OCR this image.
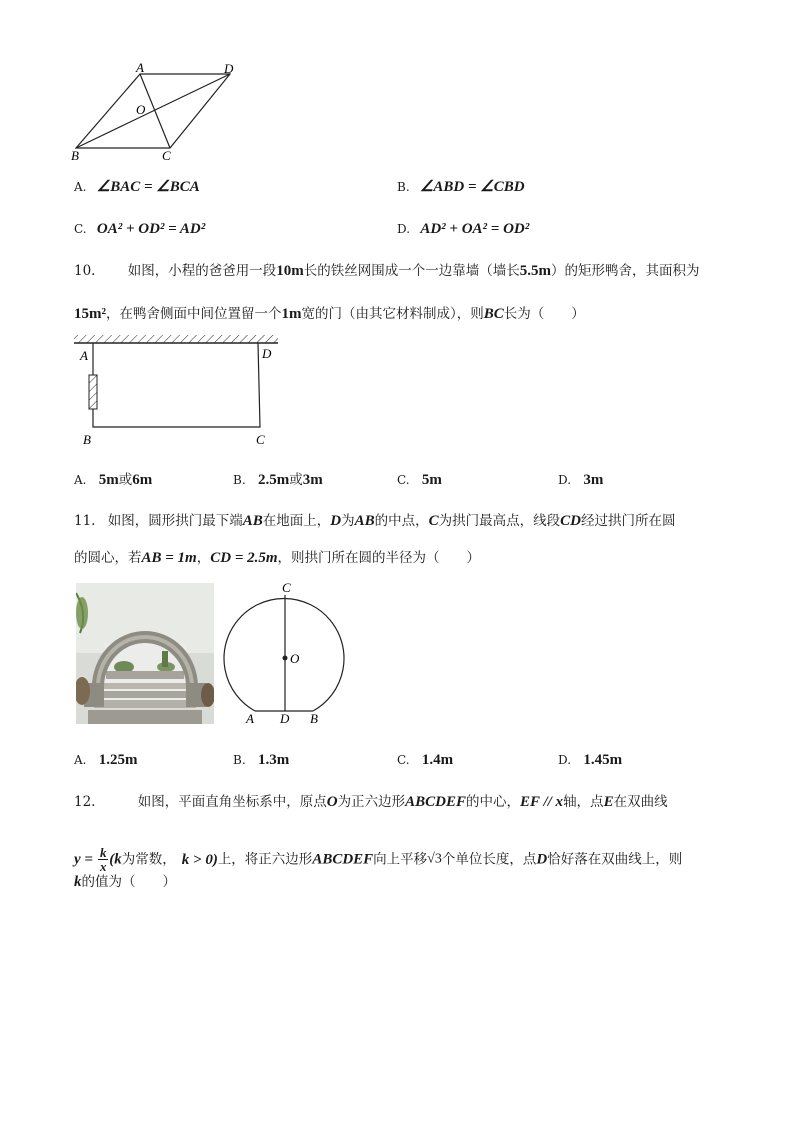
A	D
O
B	C
A. ∠BAC = ∠BCA	B. ∠ABD = ∠CBD
C. OA² + OD² = AD²	D. AD² + OA² = OD²
10. 如图，小程的爸爸用一段10m长的铁丝网围成一个一边靠墙（墙长5.5m）的矩形鸭舍，其面积为
15m²，在鸭舍侧面中间位置留一个1m宽的门（由其它材料制成），则BC长为（　　）
A	D
B	C
A. 5m或6m	B. 2.5m或3m	C. 5m	D. 3m
11. 如图，圆形拱门最下端AB在地面上，D为AB的中点，C为拱门最高点，线段CD经过拱门所在圆
的圆心，若AB = 1m，CD = 2.5m，则拱门所在圆的半径为（　　）
C
O
A D B
A. 1.25m	B. 1.3m	C. 1.4m	D. 1.45m
12.	如图，平面直角坐标系中，原点O为正六边形ABCDEF的中心，EF // x轴，点E在双曲线
$y = \frac{k}{x} (k$为常数， k > 0)上，将正六边形ABCDEF向上平移√3个单位长度，点D恰好落在双曲线上，则
k的值为（　　）
